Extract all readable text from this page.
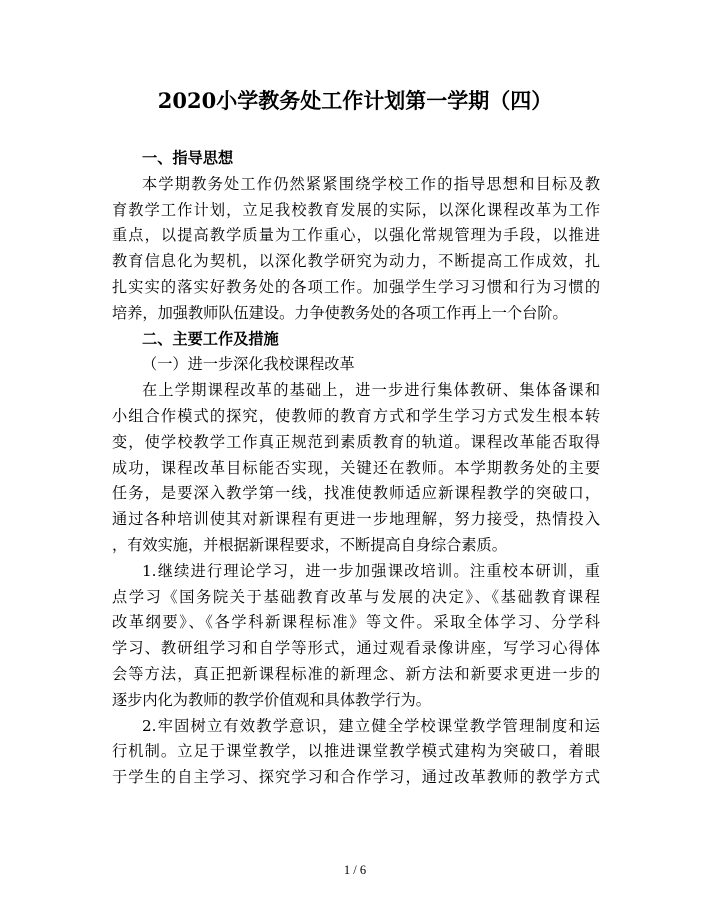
2020小学教务处工作计划第一学期（四）
一、指导思想
本学期教务处工作仍然紧紧围绕学校工作的指导思想和目标及教
育教学工作计划，立足我校教育发展的实际，以深化课程改革为工作
重点，以提高教学质量为工作重心，以强化常规管理为手段，以推进
教育信息化为契机，以深化教学研究为动力，不断提高工作成效，扎
扎实实的落实好教务处的各项工作。加强学生学习习惯和行为习惯的
培养，加强教师队伍建设。力争使教务处的各项工作再上一个台阶。
二、主要工作及措施
（一）进一步深化我校课程改革
在上学期课程改革的基础上，进一步进行集体教研、集体备课和
小组合作模式的探究，使教师的教育方式和学生学习方式发生根本转
变，使学校教学工作真正规范到素质教育的轨道。课程改革能否取得
成功，课程改革目标能否实现，关键还在教师。本学期教务处的主要
任务，是要深入教学第一线，找准使教师适应新课程教学的突破口，
通过各种培训使其对新课程有更进一步地理解，努力接受，热情投入
，有效实施，并根据新课程要求，不断提高自身综合素质。
1.继续进行理论学习，进一步加强课改培训。注重校本研训，重
点学习《国务院关于基础教育改革与发展的决定》、《基础教育课程
改革纲要》、《各学科新课程标准》等文件。采取全体学习、分学科
学习、教研组学习和自学等形式，通过观看录像讲座，写学习心得体
会等方法，真正把新课程标准的新理念、新方法和新要求更进一步的
逐步内化为教师的教学价值观和具体教学行为。
2.牢固树立有效教学意识，建立健全学校课堂教学管理制度和运
行机制。立足于课堂教学，以推进课堂教学模式建构为突破口，着眼
于学生的自主学习、探究学习和合作学习，通过改革教师的教学方式
1 / 6
